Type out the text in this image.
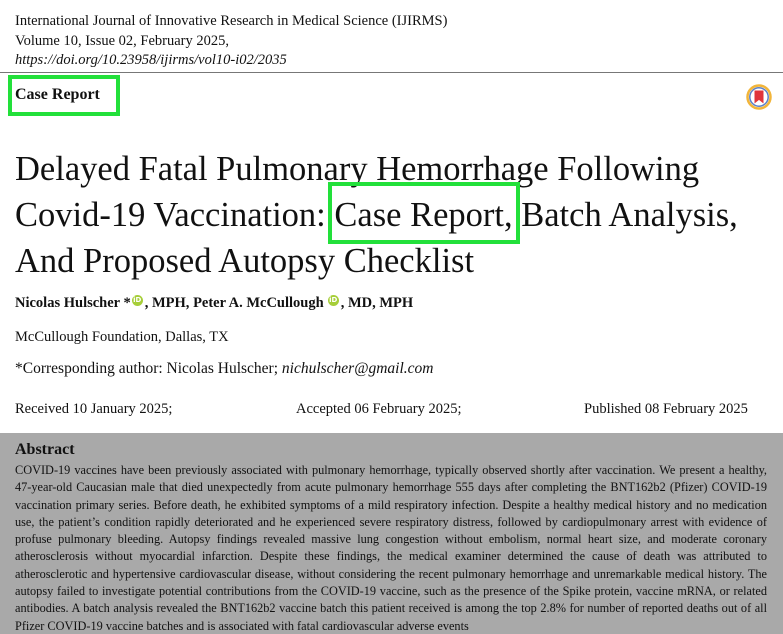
International Journal of Innovative Research in Medical Science (IJIRMS)
Volume 10, Issue 02, February 2025,
https://doi.org/10.23958/ijirms/vol10-i02/2035
Case Report
Delayed Fatal Pulmonary Hemorrhage Following Covid-19 Vaccination: Case Report, Batch Analysis, And Proposed Autopsy Checklist
Nicolas Hulscher * iD , MPH, Peter A. McCullough iD , MD, MPH
McCullough Foundation, Dallas, TX
*Corresponding author: Nicolas Hulscher; nichulscher@gmail.com
Received 10 January 2025;	Accepted 06 February 2025;	Published 08 February 2025
Abstract

COVID-19 vaccines have been previously associated with pulmonary hemorrhage, typically observed shortly after vaccination. We present a healthy, 47-year-old Caucasian male that died unexpectedly from acute pulmonary hemorrhage 555 days after completing the BNT162b2 (Pfizer) COVID-19 vaccination primary series. Before death, he exhibited symptoms of a mild respiratory infection. Despite a healthy medical history and no medication use, the patient’s condition rapidly deteriorated and he experienced severe respiratory distress, followed by cardiopulmonary arrest with evidence of profuse pulmonary bleeding. Autopsy findings revealed massive lung congestion without embolism, normal heart size, and moderate coronary atherosclerosis without myocardial infarction. Despite these findings, the medical examiner determined the cause of death was attributed to atherosclerotic and hypertensive cardiovascular disease, without considering the recent pulmonary hemorrhage and unremarkable medical history. The autopsy failed to investigate potential contributions from the COVID-19 vaccine, such as the presence of the Spike protein, vaccine mRNA, or related antibodies. A batch analysis revealed the BNT162b2 vaccine batch this patient received is among the top 2.8% for number of reported deaths out of all Pfizer COVID-19 vaccine batches and is associated with fatal cardiovascular adverse events
